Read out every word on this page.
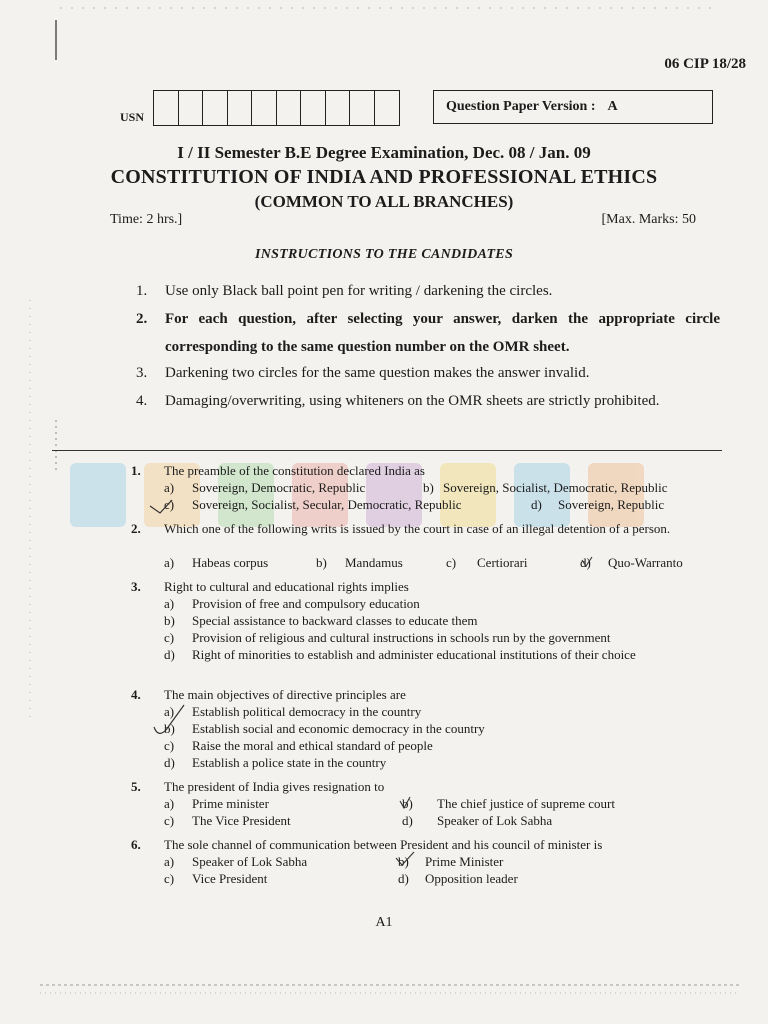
06 CIP 18/28
USN
Question Paper Version : A
I / II Semester B.E Degree Examination, Dec. 08 / Jan. 09
CONSTITUTION OF INDIA AND PROFESSIONAL ETHICS
(COMMON TO ALL BRANCHES)
Time: 2 hrs.]	[Max. Marks: 50
INSTRUCTIONS TO THE CANDIDATES
1.	Use only Black ball point pen for writing / darkening the circles.
2.	For each question, after selecting your answer, darken the appropriate circle corresponding to the same question number on the OMR sheet.
3.	Darkening two circles for the same question makes the answer invalid.
4.	Damaging/overwriting, using whiteners on the OMR sheets are strictly prohibited.
1. The preamble of the constitution declared India as
a) Sovereign, Democratic, Republic	b) Sovereign, Socialist, Democratic, Republic
c) Sovereign, Socialist, Secular, Democratic, Republic	d) Sovereign, Republic
2. Which one of the following writs is issued by the court in case of an illegal detention of a person.
a) Habeas corpus	b) Mandamus	c) Certiorari	d) Quo-Warranto
3. Right to cultural and educational rights implies
a) Provision of free and compulsory education
b) Special assistance to backward classes to educate them
c) Provision of religious and cultural instructions in schools run by the government
d) Right of minorities to establish and administer educational institutions of their choice
4. The main objectives of directive principles are
a) Establish political democracy in the country
b) Establish social and economic democracy in the country
c) Raise the moral and ethical standard of people
d) Establish a police state in the country
5. The president of India gives resignation to
a) Prime minister	b) The chief justice of supreme court
c) The Vice President	d) Speaker of Lok Sabha
6. The sole channel of communication between President and his council of minister is
a) Speaker of Lok Sabha	b) Prime Minister
c) Vice President	d) Opposition leader
A1
